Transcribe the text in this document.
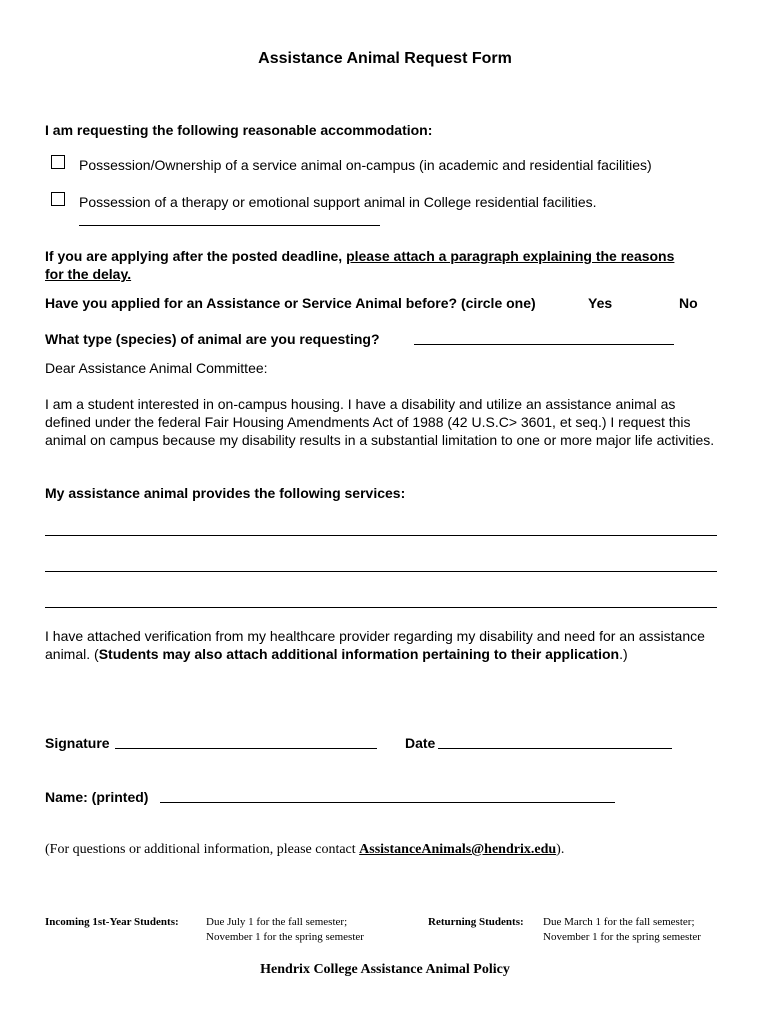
Assistance Animal Request Form
I am requesting the following reasonable accommodation:
Possession/Ownership of a service animal on-campus (in academic and residential facilities)
Possession of a therapy or emotional support animal in College residential facilities.
If you are applying after the posted deadline, please attach a paragraph explaining the reasons
for the delay.
Have you applied for an Assistance or Service Animal before? (circle one)	Yes	No
What type (species) of animal are you requesting?
Dear Assistance Animal Committee:
I am a student interested in on-campus housing. I have a disability and utilize an assistance animal as defined under the federal Fair Housing Amendments Act of 1988 (42 U.S.C> 3601, et seq.) I request this animal on campus because my disability results in a substantial limitation to one or more major life activities.
My assistance animal provides the following services:
I have attached verification from my healthcare provider regarding my disability and need for an assistance animal. (Students may also attach additional information pertaining to their application.)
Signature	Date
Name: (printed)
(For questions or additional information, please contact AssistanceAnimals@hendrix.edu).
Incoming 1st-Year Students: Due July 1 for the fall semester;
November 1 for the spring semester
Returning Students: Due March 1 for the fall semester;
November 1 for the spring semester
Hendrix College Assistance Animal Policy
